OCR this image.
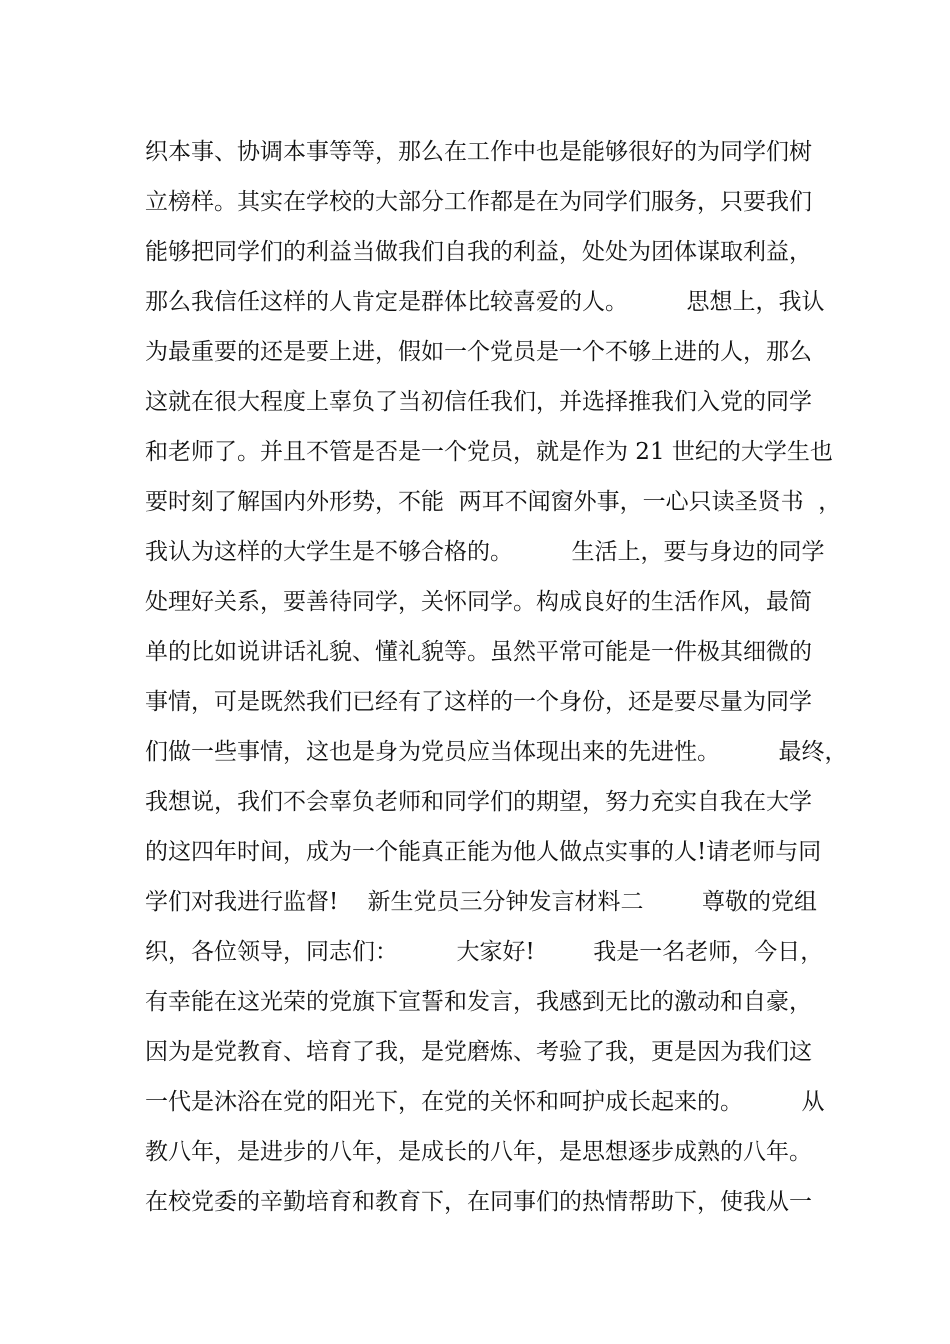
织本事、协调本事等等，那么在工作中也是能够很好的为同学们树
立榜样。其实在学校的大部分工作都是在为同学们服务，只要我们
能够把同学们的利益当做我们自我的利益，处处为团体谋取利益，
那么我信任这样的人肯定是群体比较喜爱的人。        思想上，我认
为最重要的还是要上进，假如一个党员是一个不够上进的人，那么
这就在很大程度上辜负了当初信任我们，并选择推我们入党的同学
和老师了。并且不管是否是一个党员，就是作为 21 世纪的大学生也
要时刻了解国内外形势，不能  两耳不闻窗外事，一心只读圣贤书  ，
我认为这样的大学生是不够合格的。        生活上，要与身边的同学
处理好关系，要善待同学，关怀同学。构成良好的生活作风，最简
单的比如说讲话礼貌、懂礼貌等。虽然平常可能是一件极其细微的
事情，可是既然我们已经有了这样的一个身份，还是要尽量为同学
们做一些事情，这也是身为党员应当体现出来的先进性。        最终，
我想说，我们不会辜负老师和同学们的期望，努力充实自我在大学
的这四年时间，成为一个能真正能为他人做点实事的人!请老师与同
学们对我进行监督!    新生党员三分钟发言材料二        尊敬的党组
织，各位领导，同志们：        大家好!        我是一名老师，今日，
有幸能在这光荣的党旗下宣誓和发言，我感到无比的激动和自豪，
因为是党教育、培育了我，是党磨炼、考验了我，更是因为我们这
一代是沐浴在党的阳光下，在党的关怀和呵护成长起来的。        从
教八年，是进步的八年，是成长的八年，是思想逐步成熟的八年。
在校党委的辛勤培育和教育下，在同事们的热情帮助下，使我从一
